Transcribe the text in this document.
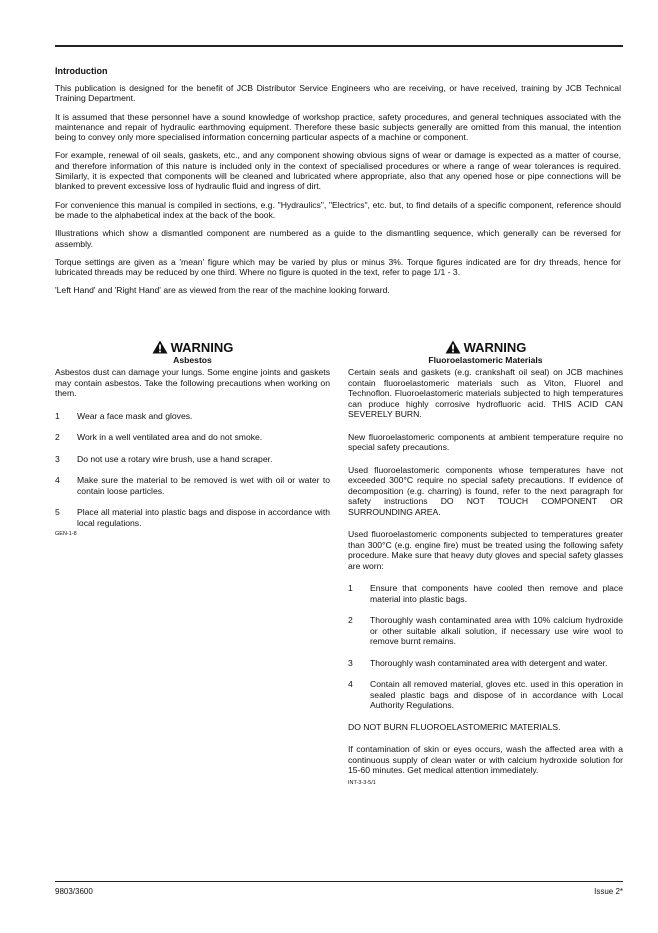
Introduction

This publication is designed for the benefit of JCB Distributor Service Engineers who are receiving, or have received, training by JCB Technical Training Department.

It is assumed that these personnel have a sound knowledge of workshop practice, safety procedures, and general techniques associated with the maintenance and repair of hydraulic earthmoving equipment. Therefore these basic subjects generally are omitted from this manual, the intention being to convey only more specialised information concerning particular aspects of a machine or component.

For example, renewal of oil seals, gaskets, etc., and any component showing obvious signs of wear or damage is expected as a matter of course, and therefore information of this nature is included only in the context of specialised procedures or where a range of wear tolerances is required. Similarly, it is expected that components will be cleaned and lubricated where appropriate, also that any opened hose or pipe connections will be blanked to prevent excessive loss of hydraulic fluid and ingress of dirt.

For convenience this manual is compiled in sections, e.g. "Hydraulics", "Electrics", etc. but, to find details of a specific component, reference should be made to the alphabetical index at the back of the book.

Illustrations which show a dismantled component are numbered as a guide to the dismantling sequence, which generally can be reversed for assembly.

Torque settings are given as a 'mean' figure which may be varied by plus or minus 3%. Torque figures indicated are for dry threads, hence for lubricated threads may be reduced by one third. Where no figure is quoted in the text, refer to page 1/1 - 3.

'Left Hand' and 'Right Hand' are as viewed from the rear of the machine looking forward.

WARNING
Asbestos

Asbestos dust can damage your lungs. Some engine joints and gaskets may contain asbestos. Take the following precautions when working on them.

1	Wear a face mask and gloves.
2	Work in a well ventilated area and do not smoke.
3	Do not use a rotary wire brush, use a hand scraper.
4	Make sure the material to be removed is wet with oil or water to contain loose particles.
5	Place all material into plastic bags and dispose in accordance with local regulations.
GEN-1-8
WARNING
Fluoroelastomeric Materials

Certain seals and gaskets (e.g. crankshaft oil seal) on JCB machines contain fluoroelastomeric materials such as Viton, Fluorel and Technoflon. Fluoroelastomeric materials subjected to high temperatures can produce highly corrosive hydrofluoric acid. THIS ACID CAN SEVERELY BURN.

New fluoroelastomeric components at ambient temperature require no special safety precautions.

Used fluoroelastomeric components whose temperatures have not exceeded 300°C require no special safety precautions. If evidence of decomposition (e.g. charring) is found, refer to the next paragraph for safety instructions DO NOT TOUCH COMPONENT OR SURROUNDING AREA.

Used fluoroelastomeric components subjected to temperatures greater than 300°C (e.g. engine fire) must be treated using the following safety procedure. Make sure that heavy duty gloves and special safety glasses are worn:

1	Ensure that components have cooled then remove and place material into plastic bags.
2	Thoroughly wash contaminated area with 10% calcium hydroxide or other suitable alkali solution, if necessary use wire wool to remove burnt remains.
3	Thoroughly wash contaminated area with detergent and water.
4	Contain all removed material, gloves etc. used in this operation in sealed plastic bags and dispose of in accordance with Local Authority Regulations.

DO NOT BURN FLUOROELASTOMERIC MATERIALS.

If contamination of skin or eyes occurs, wash the affected area with a continuous supply of clean water or with calcium hydroxide solution for 15-60 minutes. Get medical attention immediately.

INT-3-3-5/1
9803/3600	Issue 2*
